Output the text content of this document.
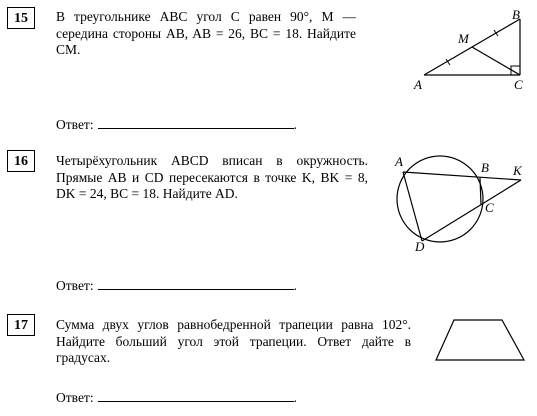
15	В треугольнике ABC угол C равен 90°, M — середина стороны AB, AB = 26, BC = 18. Найдите CM.
A
B
C
M
Ответ:	.
16	Четырёхугольник ABCD вписан в окружность. Прямые AB и CD пересекаются в точке K, BK = 8, DK = 24, BC = 18. Найдите AD.
A	B
C
D
K
Ответ:	.
17	Сумма двух углов равнобедренной трапеции равна 102°. Найдите больший угол этой трапеции. Ответ дайте в градусах.
Ответ:	.
